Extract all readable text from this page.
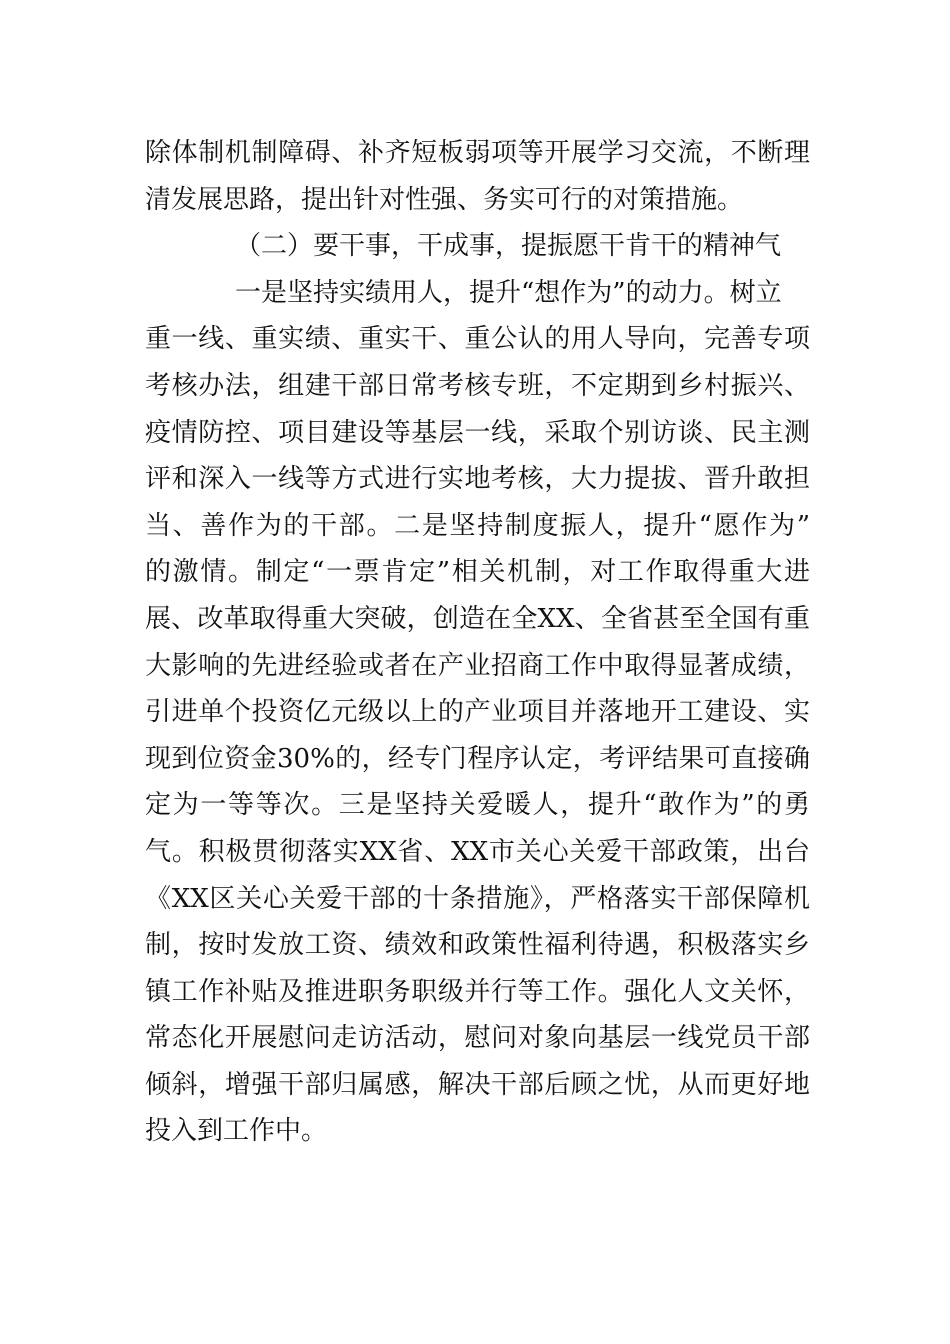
除体制机制障碍、补齐短板弱项等开展学习交流，不断理
清发展思路，提出针对性强、务实可行的对策措施。
（二）要干事，干成事，提振愿干肯干的精神气
一是坚持实绩用人，提升“想作为”的动力。树立
重一线、重实绩、重实干、重公认的用人导向，完善专项
考核办法，组建干部日常考核专班，不定期到乡村振兴、
疫情防控、项目建设等基层一线，采取个别访谈、民主测
评和深入一线等方式进行实地考核，大力提拔、晋升敢担
当、善作为的干部。二是坚持制度振人，提升“愿作为”
的激情。制定“一票肯定”相关机制，对工作取得重大进
展、改革取得重大突破，创造在全XX、全省甚至全国有重
大影响的先进经验或者在产业招商工作中取得显著成绩，
引进单个投资亿元级以上的产业项目并落地开工建设、实
现到位资金30%的，经专门程序认定，考评结果可直接确
定为一等等次。三是坚持关爱暖人，提升“敢作为”的勇
气。积极贯彻落实XX省、XX市关心关爱干部政策，出台
《XX区关心关爱干部的十条措施》，严格落实干部保障机
制，按时发放工资、绩效和政策性福利待遇，积极落实乡
镇工作补贴及推进职务职级并行等工作。强化人文关怀，
常态化开展慰问走访活动，慰问对象向基层一线党员干部
倾斜，增强干部归属感，解决干部后顾之忧，从而更好地
投入到工作中。
